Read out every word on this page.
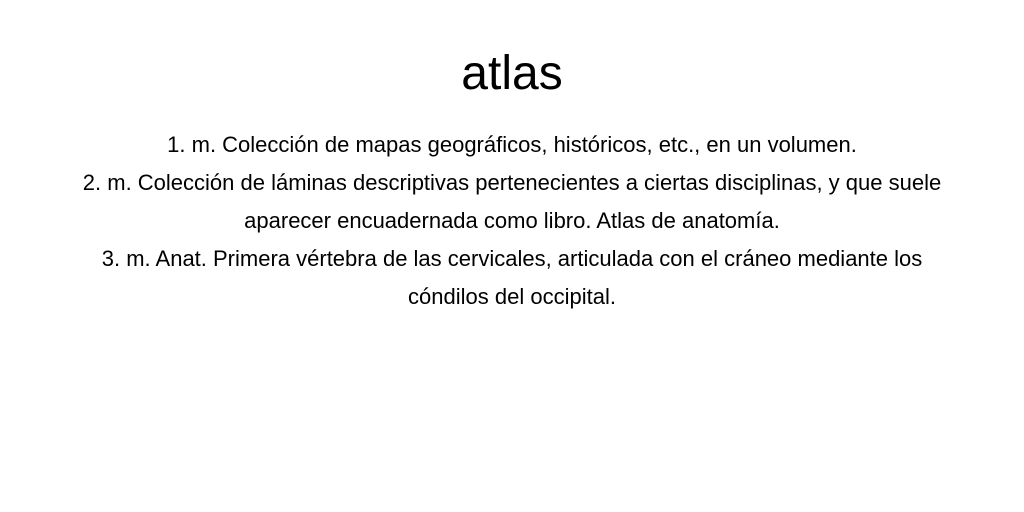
atlas
1. m. Colección de mapas geográficos, históricos, etc., en un volumen.
2. m. Colección de láminas descriptivas pertenecientes a ciertas disciplinas, y que suele aparecer encuadernada como libro. Atlas de anatomía.
3. m. Anat. Primera vértebra de las cervicales, articulada con el cráneo mediante los cóndilos del occipital.
